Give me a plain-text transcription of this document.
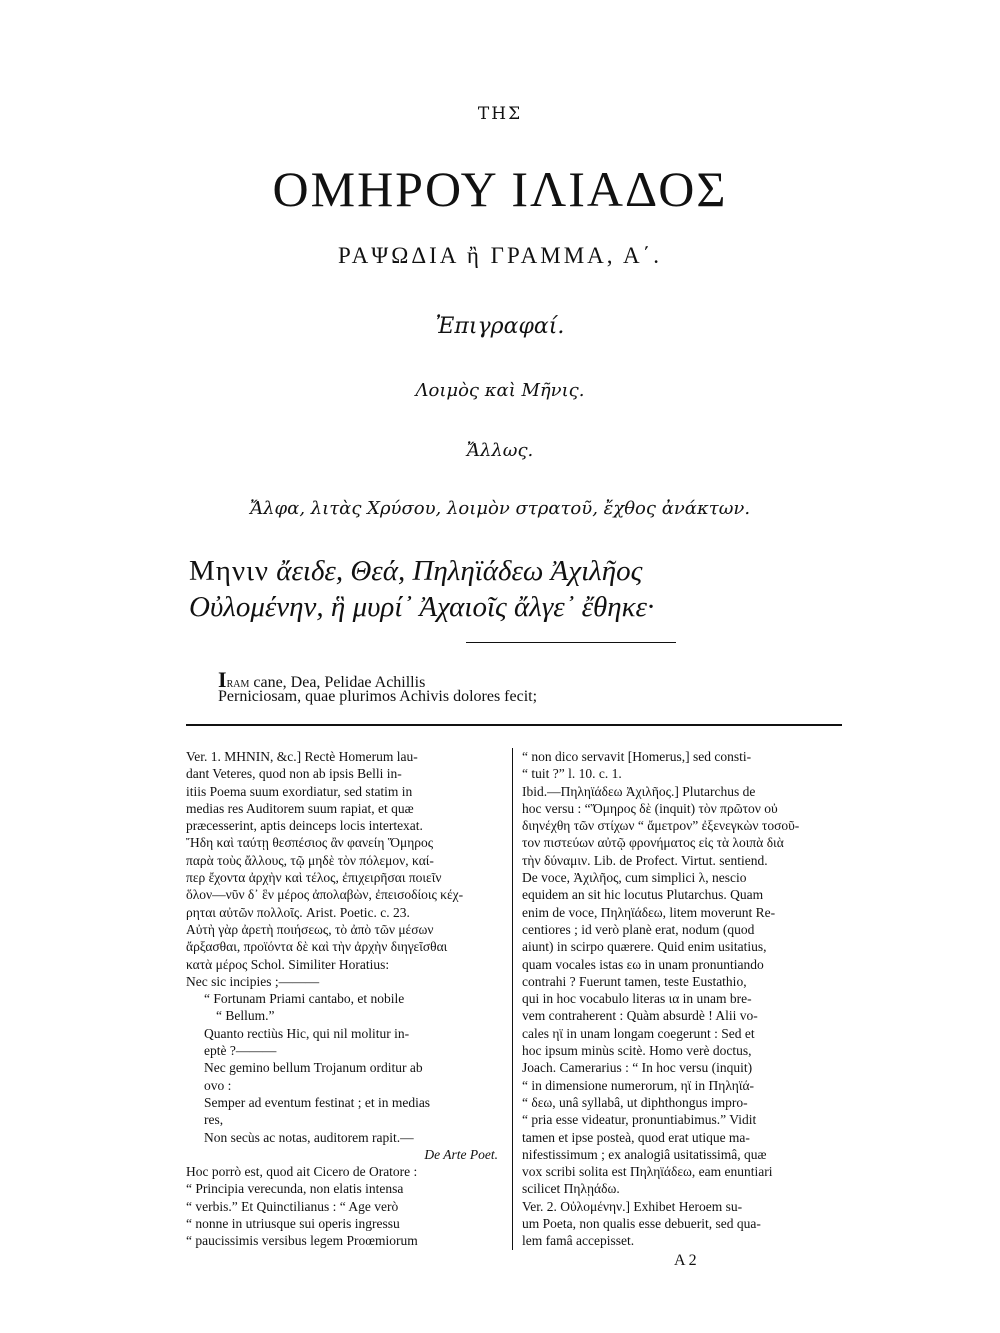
ΤΗΣ
ΟΜΗΡΟΥ ΙΛΙΑΔΟΣ
ΡΑΨΩΔΙΑ ἢ ΓΡΑΜΜΑ, Α΄.
Ἐπιγραφαί.
Λοιμὸς καὶ Μῆνις.
Ἄλλως.
Ἄλφα, λιτὰς Χρύσου, λοιμὸν στρατοῦ, ἔχθος ἀνάκτων.
Μηνιν ἄειδε, Θεά, Πηληϊάδεω Ἀχιλῆος
Οὐλομένην, ἣ μυρί᾽ Ἀχαιοῖς ἄλγε᾽ ἔθηκε·
Iram cane, Dea, Pelidae Achillis
Perniciosam, quae plurimos Achivis dolores fecit;
Ver. 1. ΜΗΝΙΝ, &c.] Rectè Homerum lau-
dant Veteres, quod non ab ipsis Belli in-
itiis Poema suum exordiatur, sed statim in
medias res Auditorem suum rapiat, et quæ
præcesserint, aptis deinceps locis intertexat.
Ἤδη καὶ ταύτῃ θεσπέσιος ἂν φανείη Ὅμηρος
παρὰ τοὺς ἄλλους, τῷ μηδὲ τὸν πόλεμον, καί-
περ ἔχοντα ἀρχὴν καὶ τέλος, ἐπιχειρῆσαι ποιεῖν
ὅλον—νῦν δ᾽ ἓν μέρος ἀπολαβὼν, ἐπεισοδίοις κέχ-
ρηται αὐτῶν πολλοῖς. Arist. Poetic. c. 23.
Αὐτὴ γὰρ ἀρετὴ ποιήσεως, τὸ ἀπὸ τῶν μέσων
ἄρξασθαι, προϊόντα δὲ καὶ τὴν ἀρχὴν διηγεῖσθαι
κατὰ μέρος Schol. Similiter Horatius:
Nec sic incipies ;———
“ Fortunam Priami cantabo, et nobile
“ Bellum.”
Quanto rectiùs Hic, qui nil molitur in-
eptè ?———
Nec gemino bellum Trojanum orditur ab
ovo :
Semper ad eventum festinat ; et in medias
res,
Non secùs ac notas, auditorem rapit.—
De Arte Poet.
Hoc porrò est, quod ait Cicero de Oratore :
“ Principia verecunda, non elatis intensa
“ verbis.” Et Quinctilianus : “ Age verò
“ nonne in utriusque sui operis ingressu
“ paucissimis versibus legem Proœmiorum
“ non dico servavit [Homerus,] sed consti-
“ tuit ?” l. 10. c. 1.
Ibid.—Πηληϊάδεω Ἀχιλῆος.] Plutarchus de
hoc versu : “Ὅμηρος δὲ (inquit) τὸν πρῶτον οὐ
διηνέχθη τῶν στίχων “ ἄμετρον” ἐξενεγκὼν τοσοῦ-
τον πιστεύων αὐτῷ φρονήματος εἰς τὰ λοιπὰ διὰ
τὴν δύναμιν. Lib. de Profect. Virtut. sentiend.
De voce, Ἀχιλῆος, cum simplici λ, nescio
equidem an sit hic locutus Plutarchus. Quam
enim de voce, Πηληϊάδεω, litem moverunt Re-
centiores ; id verò planè erat, nodum (quod
aiunt) in scirpo quærere. Quid enim usitatius,
quam vocales istas εω in unam pronuntiando
contrahi ? Fuerunt tamen, teste Eustathio,
qui in hoc vocabulo literas ια in unam bre-
vem contraherent : Quàm absurdè ! Alii vo-
cales ηϊ in unam longam coegerunt : Sed et
hoc ipsum minùs scitè. Homo verè doctus,
Joach. Camerarius : “ In hoc versu (inquit)
“ in dimensione numerorum, ηϊ in Πηληϊά-
“ δεω, unâ syllabâ, ut diphthongus impro-
“ pria esse videatur, pronuntiabimus.” Vidit
tamen et ipse posteà, quod erat utique ma-
nifestissimum ; ex analogiâ usitatissimâ, quæ
vox scribi solita est Πηληϊάδεω, eam enuntiari
scilicet Πηλῃάδω.
Ver. 2. Οὐλομένην.] Exhibet Heroem su-
um Poeta, non qualis esse debuerit, sed qua-
lem famâ accepisset.
A 2
